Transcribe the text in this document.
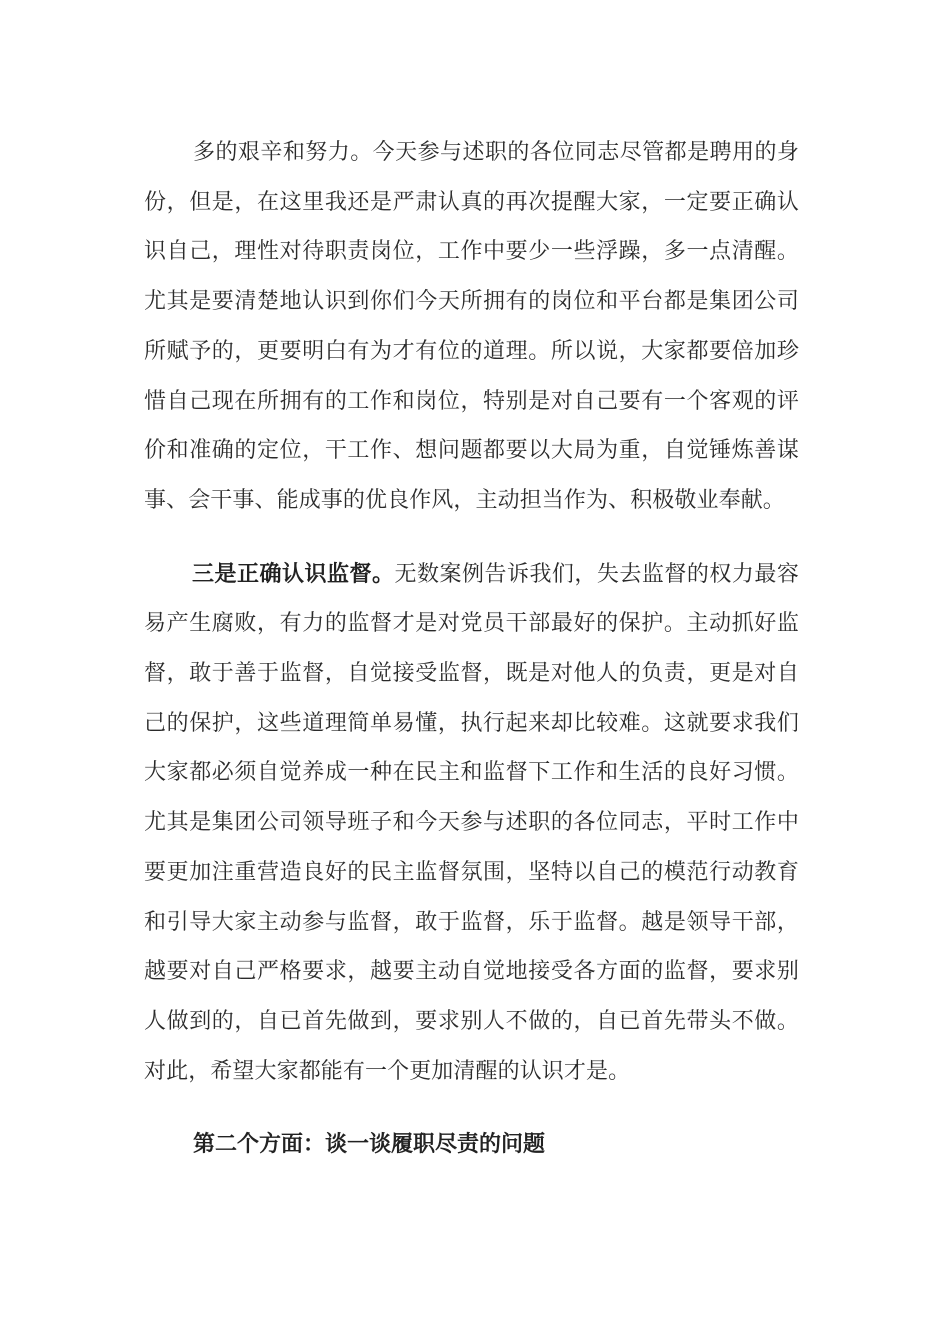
多的艰辛和努力。今天参与述职的各位同志尽管都是聘用的身份，但是，在这里我还是严肃认真的再次提醒大家，一定要正确认识自己，理性对待职责岗位，工作中要少一些浮躁，多一点清醒。尤其是要清楚地认识到你们今天所拥有的岗位和平台都是集团公司所赋予的，更要明白有为才有位的道理。所以说，大家都要倍加珍惜自己现在所拥有的工作和岗位，特别是对自己要有一个客观的评价和准确的定位，干工作、想问题都要以大局为重，自觉锤炼善谋事、会干事、能成事的优良作风，主动担当作为、积极敬业奉献。

三是正确认识监督。无数案例告诉我们，失去监督的权力最容易产生腐败，有力的监督才是对党员干部最好的保护。主动抓好监督，敢于善于监督，自觉接受监督，既是对他人的负责，更是对自己的保护，这些道理简单易懂，执行起来却比较难。这就要求我们大家都必须自觉养成一种在民主和监督下工作和生活的良好习惯。尤其是集团公司领导班子和今天参与述职的各位同志，平时工作中要更加注重营造良好的民主监督氛围，坚特以自己的模范行动教育和引导大家主动参与监督，敢于监督，乐于监督。越是领导干部，越要对自己严格要求，越要主动自觉地接受各方面的监督，要求别人做到的，自已首先做到，要求别人不做的，自已首先带头不做。对此，希望大家都能有一个更加清醒的认识才是。

第二个方面：谈一谈履职尽责的问题
